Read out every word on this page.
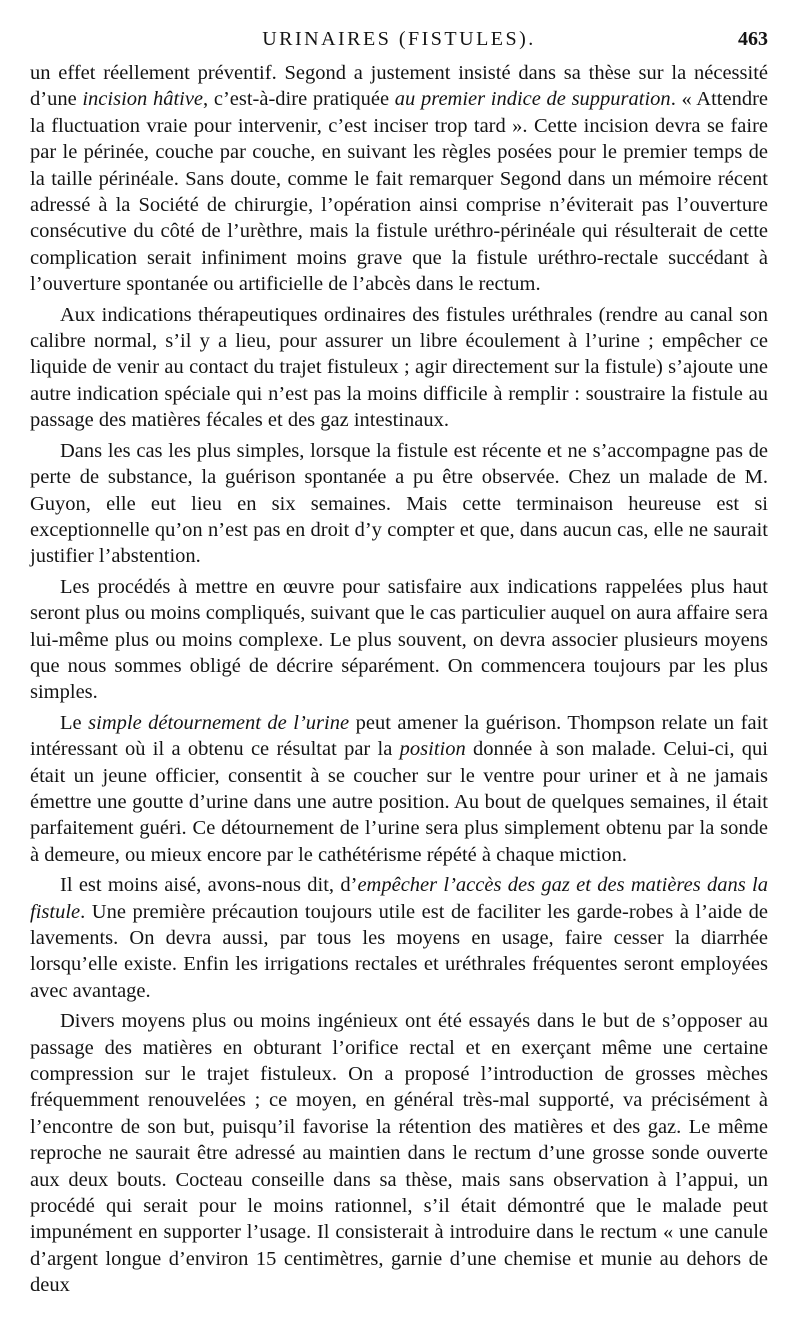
URINAIRES (FISTULES).	463

un effet réellement préventif. Segond a justement insisté dans sa thèse sur la nécessité d’une incision hâtive, c’est-à-dire pratiquée au premier indice de suppuration. « Attendre la fluctuation vraie pour intervenir, c’est inciser trop tard ». Cette incision devra se faire par le périnée, couche par couche, en suivant les règles posées pour le premier temps de la taille périnéale. Sans doute, comme le fait remarquer Segond dans un mémoire récent adressé à la Société de chirurgie, l’opération ainsi comprise n’éviterait pas l’ouverture consécutive du côté de l’urèthre, mais la fistule uréthro-périnéale qui résulterait de cette complication serait infiniment moins grave que la fistule uréthro-rectale succédant à l’ouverture spontanée ou artificielle de l’abcès dans le rectum.

Aux indications thérapeutiques ordinaires des fistules uréthrales (rendre au canal son calibre normal, s’il y a lieu, pour assurer un libre écoulement à l’urine ; empêcher ce liquide de venir au contact du trajet fistuleux ; agir directement sur la fistule) s’ajoute une autre indication spéciale qui n’est pas la moins difficile à remplir : soustraire la fistule au passage des matières fécales et des gaz intestinaux.

Dans les cas les plus simples, lorsque la fistule est récente et ne s’accompagne pas de perte de substance, la guérison spontanée a pu être observée. Chez un malade de M. Guyon, elle eut lieu en six semaines. Mais cette terminaison heureuse est si exceptionnelle qu’on n’est pas en droit d’y compter et que, dans aucun cas, elle ne saurait justifier l’abstention.

Les procédés à mettre en œuvre pour satisfaire aux indications rappelées plus haut seront plus ou moins compliqués, suivant que le cas particulier auquel on aura affaire sera lui-même plus ou moins complexe. Le plus souvent, on devra associer plusieurs moyens que nous sommes obligé de décrire séparément. On commencera toujours par les plus simples.

Le simple détournement de l’urine peut amener la guérison. Thompson relate un fait intéressant où il a obtenu ce résultat par la position donnée à son malade. Celui-ci, qui était un jeune officier, consentit à se coucher sur le ventre pour uriner et à ne jamais émettre une goutte d’urine dans une autre position. Au bout de quelques semaines, il était parfaitement guéri. Ce détournement de l’urine sera plus simplement obtenu par la sonde à demeure, ou mieux encore par le cathétérisme répété à chaque miction.

Il est moins aisé, avons-nous dit, d’empêcher l’accès des gaz et des matières dans la fistule. Une première précaution toujours utile est de faciliter les garde-robes à l’aide de lavements. On devra aussi, par tous les moyens en usage, faire cesser la diarrhée lorsqu’elle existe. Enfin les irrigations rectales et uréthrales fréquentes seront employées avec avantage.

Divers moyens plus ou moins ingénieux ont été essayés dans le but de s’opposer au passage des matières en obturant l’orifice rectal et en exerçant même une certaine compression sur le trajet fistuleux. On a proposé l’introduction de grosses mèches fréquemment renouvelées ; ce moyen, en général très-mal supporté, va précisément à l’encontre de son but, puisqu’il favorise la rétention des matières et des gaz. Le même reproche ne saurait être adressé au maintien dans le rectum d’une grosse sonde ouverte aux deux bouts. Cocteau conseille dans sa thèse, mais sans observation à l’appui, un procédé qui serait pour le moins rationnel, s’il était démontré que le malade peut impunément en supporter l’usage. Il consisterait à introduire dans le rectum « une canule d’argent longue d’environ 15 centimètres, garnie d’une chemise et munie au dehors de deux
